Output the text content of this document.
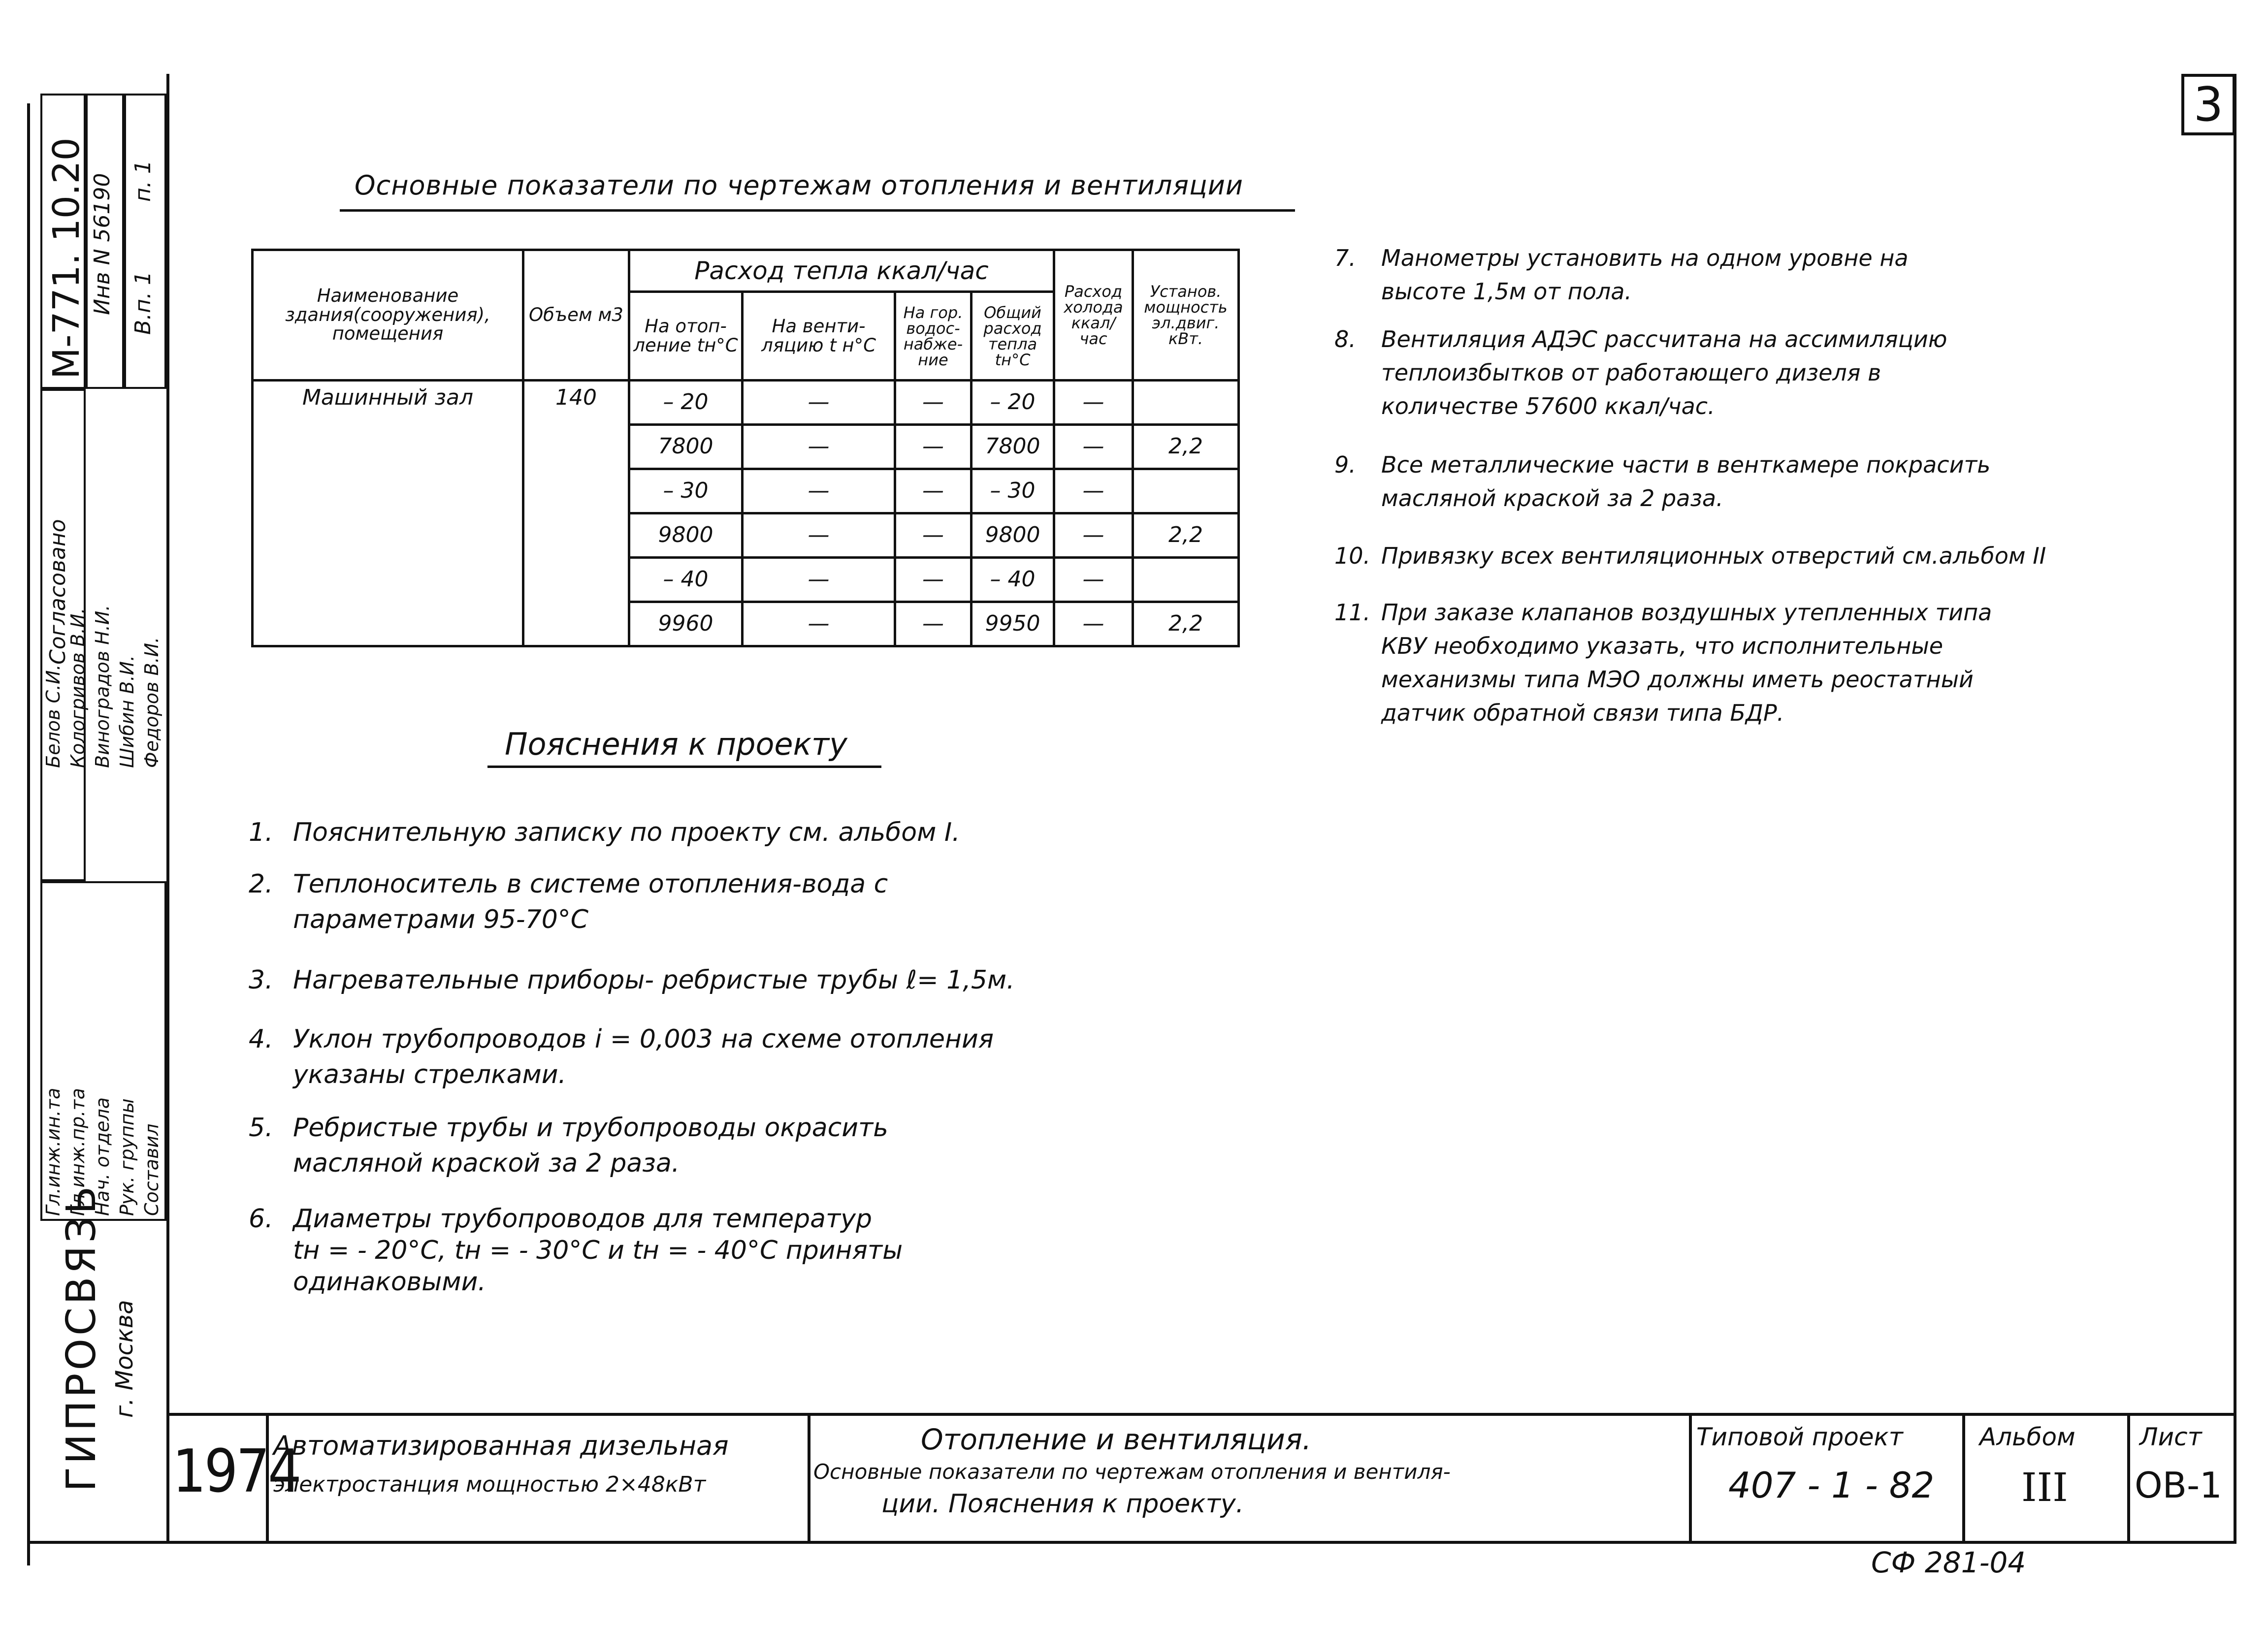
3
М-771. 10.20 Инв N 56190 В.п. 1
п. 1
Согласовано
Гл.инж.ин.та Гл.инж.пр.та Нач. отдела Рук. группы Составил
Белов С.И. Кологривов В.И. Виноградов Н.И. Шибин В.И. Федоров В.И.
ГИПРОСВЯЗЬ г. Москва
Основные показатели по чертежам отопления и вентиляции
Наименование здания(сооружения), помещения	Объем м3	Расход тепла ккал/час				Расход холода ккал/час	Установ. мощность эл.двиг. кВт.
		На отоп-ление tн°С	На венти-ляцию t н°С	На гор. водос-набже-ние	Общий расход тепла tн°С		
Машинный зал	140	– 20	—	—	– 20	—	
		7800	—	—	7800	—	2,2
		– 30	—	—	– 30	—	
		9800	—	—	9800	—	2,2
		– 40	—	—	– 40	—	
		9960	—	—	9950	—	2,2
Пояснения к проекту
1. Пояснительную записку по проекту см. альбом I.
2. Теплоноситель в системе отопления-вода с
параметрами 95-70°С
3. Нагревательные приборы- ребристые трубы ℓ= 1,5м.
4. Уклон трубопроводов i = 0,003 на схеме отопления
указаны стрелками.
5. Ребристые трубы и трубопроводы окрасить
масляной краской за 2 раза.
6. Диаметры трубопроводов для температур
tн = - 20°С, tн = - 30°С и tн = - 40°С приняты
одинаковыми.
7. Манометры установить на одном уровне на
высоте 1,5м от пола.
8. Вентиляция АДЭС рассчитана на ассимиляцию
теплоизбытков от работающего дизеля в
количестве 57600 ккал/час.
9. Все металлические части в венткамере покрасить
масляной краской за 2 раза.
10. Привязку всех вентиляционных отверстий см.альбом II
11. При заказе клапанов воздушных утепленных типа
КВУ необходимо указать, что исполнительные
механизмы типа МЭО должны иметь реостатный
датчик обратной связи типа БДР.
1974
Автоматизированная дизельная
электростанция мощностью 2×48кВт
Отопление и вентиляция.
Основные показатели по чертежам отопления и вентиля-
ции. Пояснения к проекту.
Типовой проект
407 - 1 - 82
Альбом
III
Лист
ОВ-1
СФ 281-04
